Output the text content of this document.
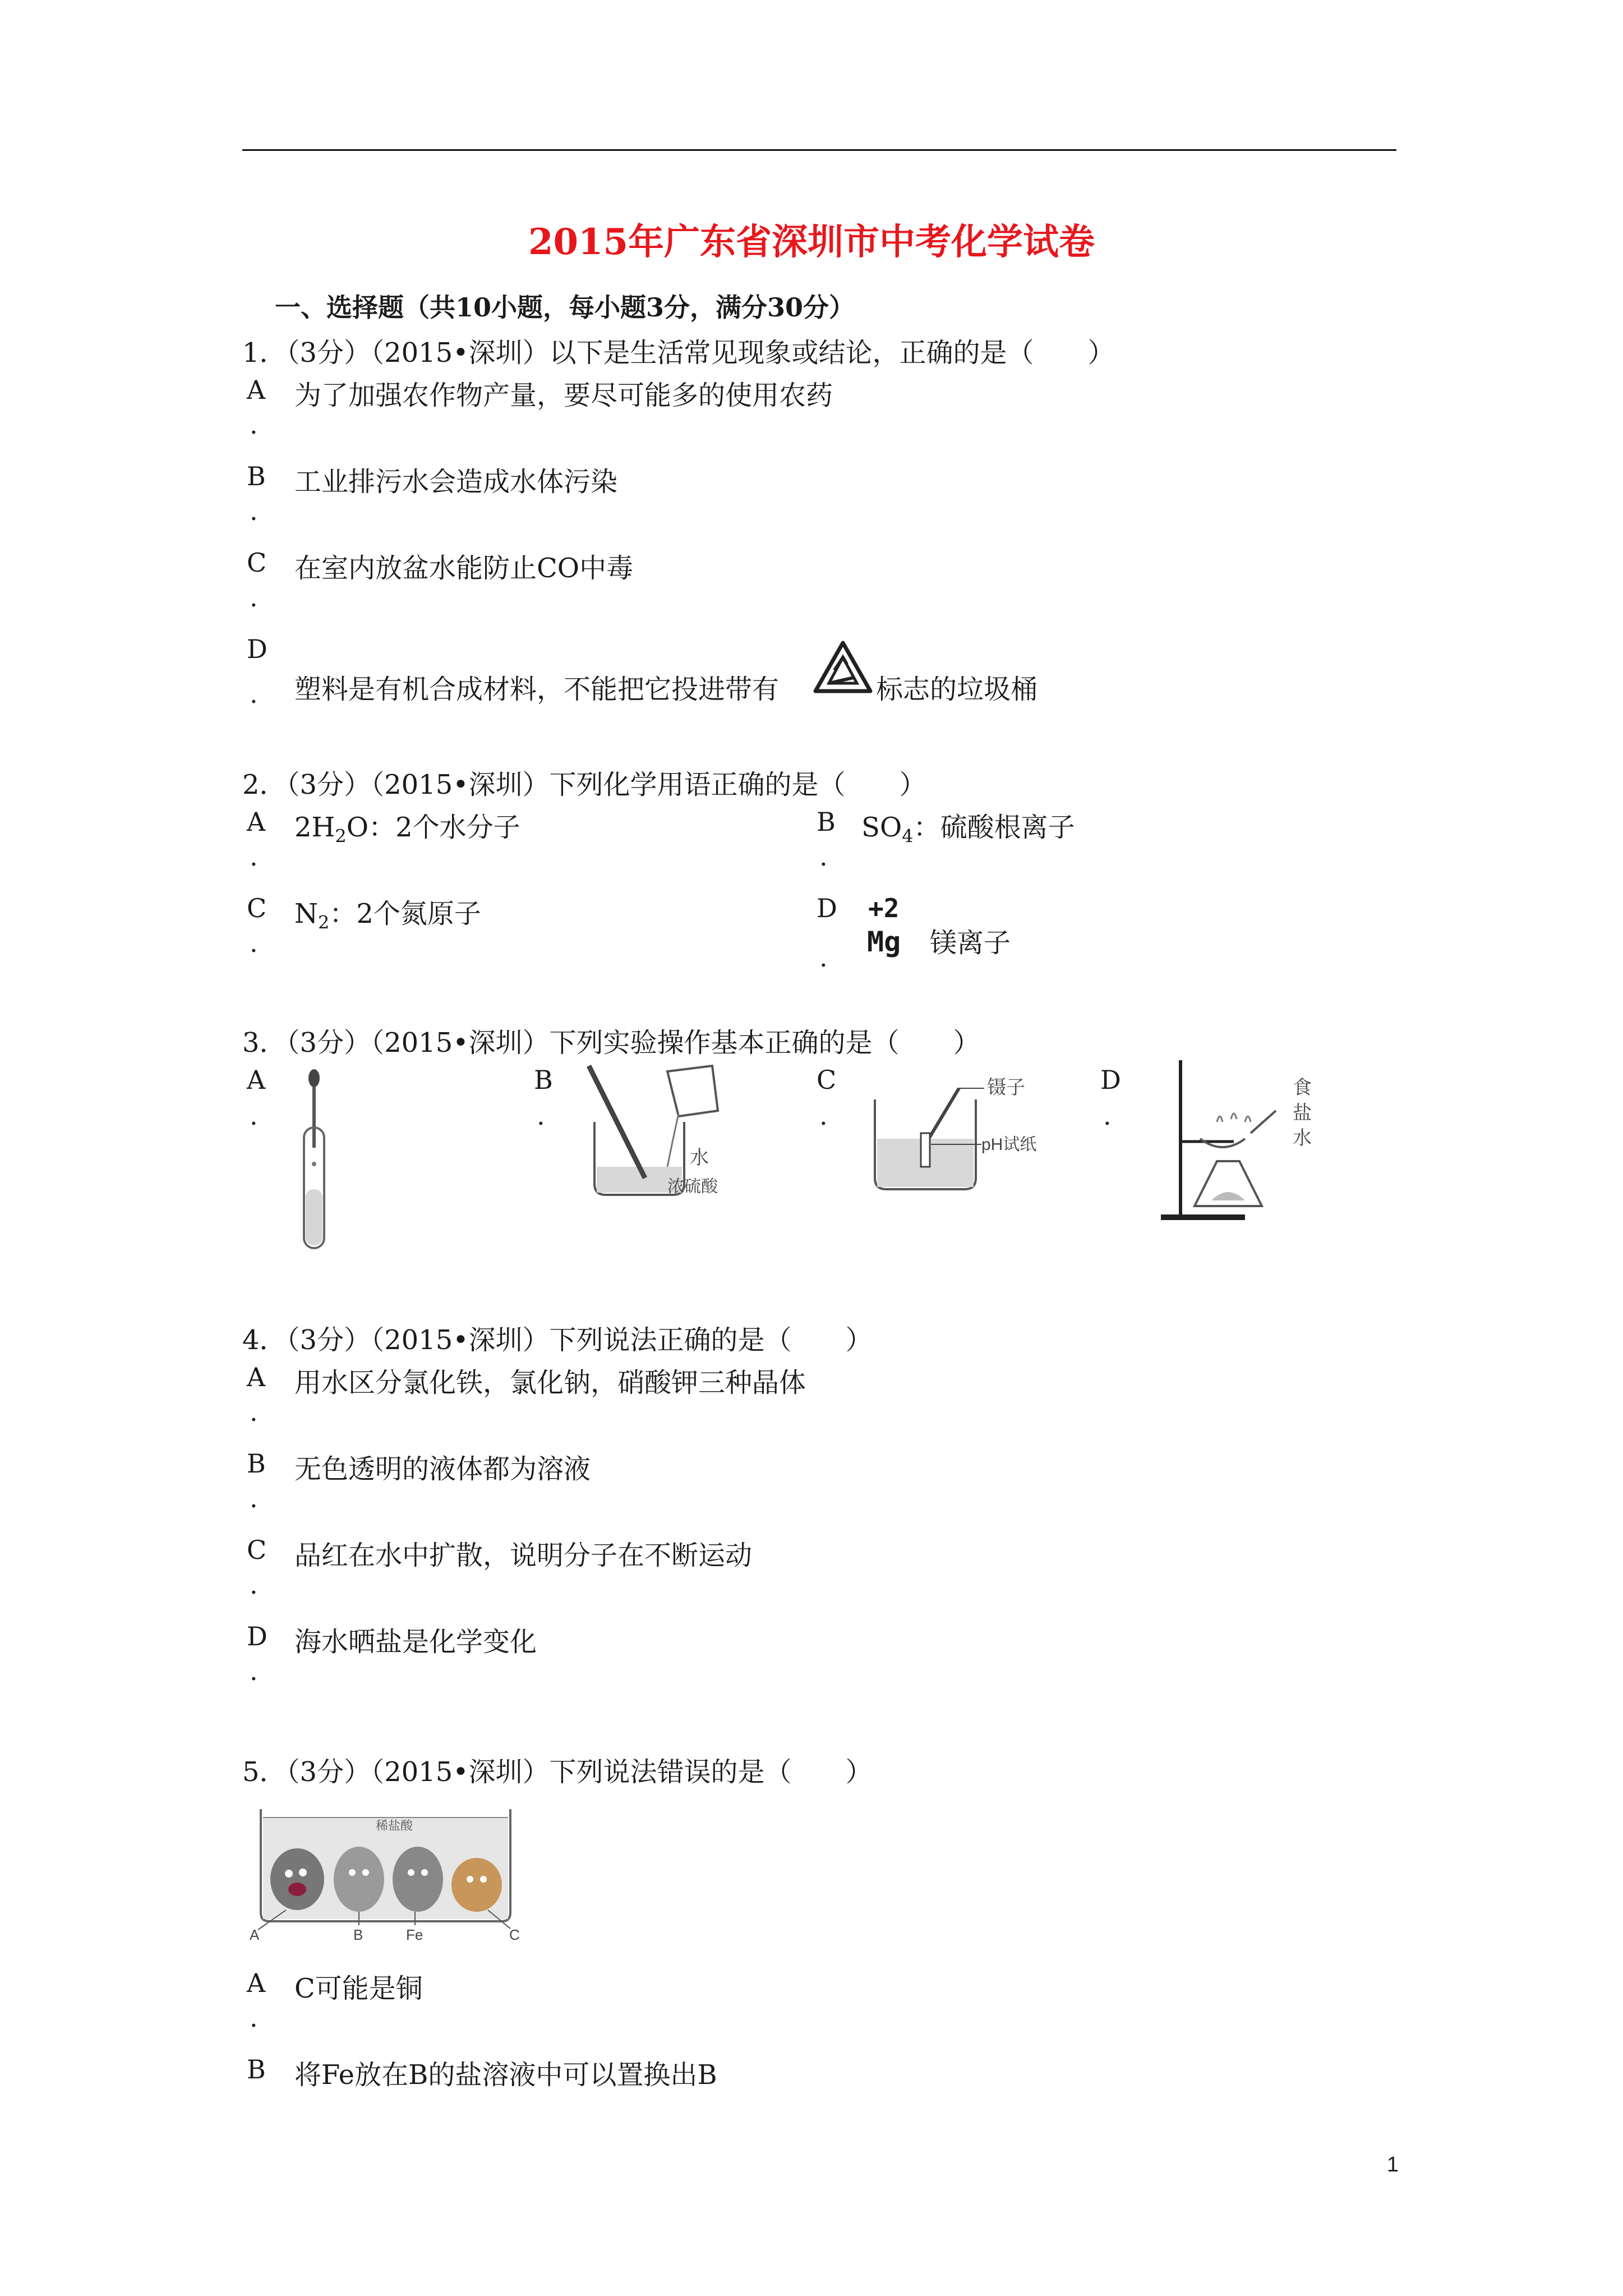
2015年广东省深圳市中考化学试卷
一、选择题（共10小题，每小题3分，满分30分）
1．（3分）（2015•深圳）以下是生活常见现象或结论，正确的是（　　）
A 为了加强农作物产量，要尽可能多的使用农药
.
B 工业排污水会造成水体污染
.
C 在室内放盆水能防止CO中毒
.
D
塑料是有机合成材料，不能把它投进带有	标志的垃圾桶
.
2．（3分）（2015•深圳）下列化学用语正确的是（　　）
A $2H_2O$：2个水分子
.
B $SO_4$：硫酸根离子
.
C $N_2$：2个氮原子
.
D +2
Mg 镁离子
.
3．（3分）（2015•深圳）下列实验操作基本正确的是（　　）
A
.
B
.
水
浓硫酸
C
.
镊子
pH试纸
D
.
食
盐
水
4．（3分）（2015•深圳）下列说法正确的是（　　）
A 用水区分氯化铁，氯化钠，硝酸钾三种晶体
.
B 无色透明的液体都为溶液
.
C 品红在水中扩散，说明分子在不断运动
.
D 海水晒盐是化学变化
.
5．（3分）（2015•深圳）下列说法错误的是（　　）
稀盐酸
A	B	Fe	C
A C可能是铜
.
B 将Fe放在B的盐溶液中可以置换出B
1
